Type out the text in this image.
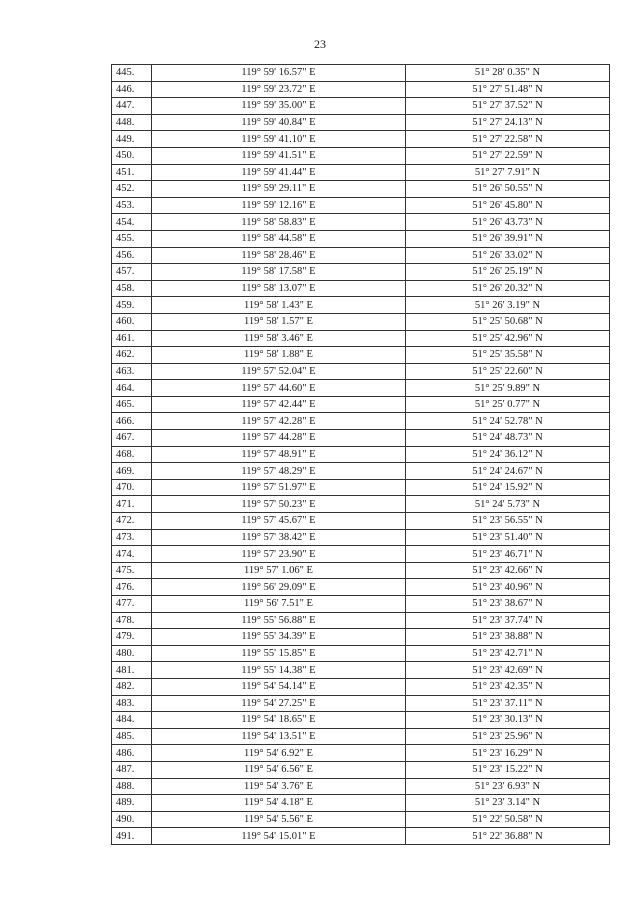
23
445.	119° 59' 16.57" E	51° 28' 0.35" N
446.	119° 59' 23.72" E	51° 27' 51.48" N
447.	119° 59' 35.00" E	51° 27' 37.52" N
448.	119° 59' 40.84" E	51° 27' 24.13" N
449.	119° 59' 41.10" E	51° 27' 22.58" N
450.	119° 59' 41.51" E	51° 27' 22.59" N
451.	119° 59' 41.44" E	51° 27' 7.91" N
452.	119° 59' 29.11" E	51° 26' 50.55" N
453.	119° 59' 12.16" E	51° 26' 45.80" N
454.	119° 58' 58.83" E	51° 26' 43.73" N
455.	119° 58' 44.58" E	51° 26' 39.91" N
456.	119° 58' 28.46" E	51° 26' 33.02" N
457.	119° 58' 17.58" E	51° 26' 25.19" N
458.	119° 58' 13.07" E	51° 26' 20.32" N
459.	119° 58' 1.43" E	51° 26' 3.19" N
460.	119° 58' 1.57" E	51° 25' 50.68" N
461.	119° 58' 3.46" E	51° 25' 42.96" N
462.	119° 58' 1.88" E	51° 25' 35.58" N
463.	119° 57' 52.04" E	51° 25' 22.60" N
464.	119° 57' 44.60" E	51° 25' 9.89" N
465.	119° 57' 42.44" E	51° 25' 0.77" N
466.	119° 57' 42.28" E	51° 24' 52.78" N
467.	119° 57' 44.28" E	51° 24' 48.73" N
468.	119° 57' 48.91" E	51° 24' 36.12" N
469.	119° 57' 48.29" E	51° 24' 24.67" N
470.	119° 57' 51.97" E	51° 24' 15.92" N
471.	119° 57' 50.23" E	51° 24' 5.73" N
472.	119° 57' 45.67" E	51° 23' 56.55" N
473.	119° 57' 38.42" E	51° 23' 51.40" N
474.	119° 57' 23.90" E	51° 23' 46.71" N
475.	119° 57' 1.06" E	51° 23' 42.66" N
476.	119° 56' 29.09" E	51° 23' 40.96" N
477.	119° 56' 7.51" E	51° 23' 38.67" N
478.	119° 55' 56.88" E	51° 23' 37.74" N
479.	119° 55' 34.39" E	51° 23' 38.88" N
480.	119° 55' 15.85" E	51° 23' 42.71" N
481.	119° 55' 14.38" E	51° 23' 42.69" N
482.	119° 54' 54.14" E	51° 23' 42.35" N
483.	119° 54' 27.25" E	51° 23' 37.11" N
484.	119° 54' 18.65" E	51° 23' 30.13" N
485.	119° 54' 13.51" E	51° 23' 25.96" N
486.	119° 54' 6.92" E	51° 23' 16.29" N
487.	119° 54' 6.56" E	51° 23' 15.22" N
488.	119° 54' 3.76" E	51° 23' 6.93" N
489.	119° 54' 4.18" E	51° 23' 3.14" N
490.	119° 54' 5.56" E	51° 22' 50.58" N
491.	119° 54' 15.01" E	51° 22' 36.88" N
